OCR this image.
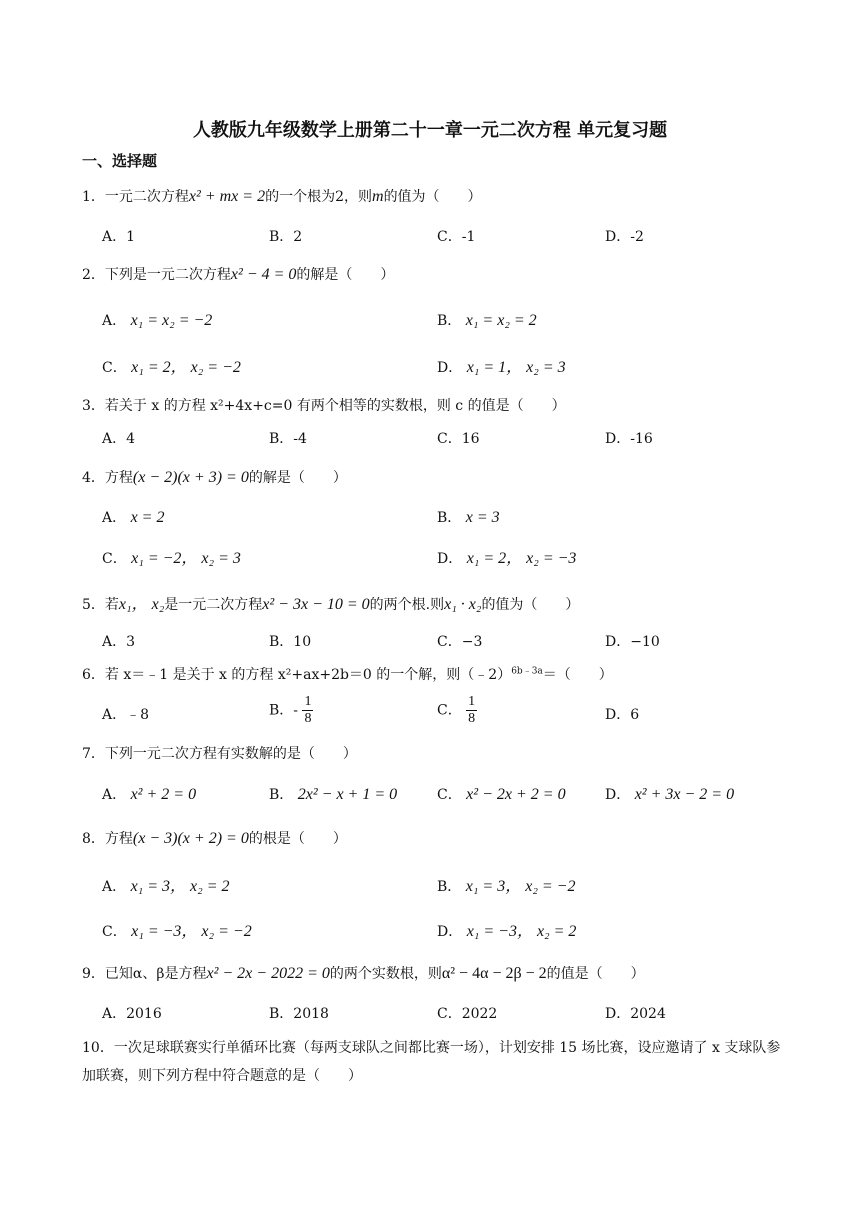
人教版九年级数学上册第二十一章一元二次方程 单元复习题
一、选择题
1．一元二次方程x² + mx = 2的一个根为2，则m的值为（　　）
A．1	B．2	C．-1	D．-2
2．下列是一元二次方程x² − 4 = 0的解是（　　）
A． x₁ = x₂ = −2	B． x₁ = x₂ = 2
C． x₁ = 2， x₂ = −2	D． x₁ = 1， x₂ = 3
3．若关于 x 的方程 x²+4x+c=0 有两个相等的实数根，则 c 的值是（　　）
A．4	B．-4	C．16	D．-16
4．方程(x − 2)(x + 3) = 0的解是（　　）
A． x = 2	B． x = 3
C． x₁ = −2， x₂ = 3	D． x₁ = 2， x₂ = −3
5．若x₁， x₂是一元二次方程x² − 3x − 10 = 0的两个根.则x₁ · x₂的值为（　　）
A．3	B．10	C．−3	D．−10
6．若 x＝﹣1 是关于 x 的方程 x²+ax+2b＝0 的一个解，则（﹣2）$^{6b﹣3a}$＝（　　）
A．﹣8	B．- $\frac{1}{8}$	C． $\frac{1}{8}$	D．6
7．下列一元二次方程有实数解的是（　　）
A． x² + 2 = 0	B． 2x² − x + 1 = 0	C． x² − 2x + 2 = 0	D． x² + 3x − 2 = 0
8．方程(x − 3)(x + 2) = 0的根是（　　）
A． x₁ = 3， x₂ = 2	B． x₁ = 3， x₂ = −2
C． x₁ = −3， x₂ = −2	D． x₁ = −3， x₂ = 2
9．已知α、β是方程x² − 2x − 2022 = 0的两个实数根，则α² − 4α − 2β − 2的值是（　　）
A．2016	B．2018	C．2022	D．2024
10．一次足球联赛实行单循环比赛（每两支球队之间都比赛一场），计划安排 15 场比赛，设应邀请了 x 支球队参加联赛，则下列方程中符合题意的是（　　）
